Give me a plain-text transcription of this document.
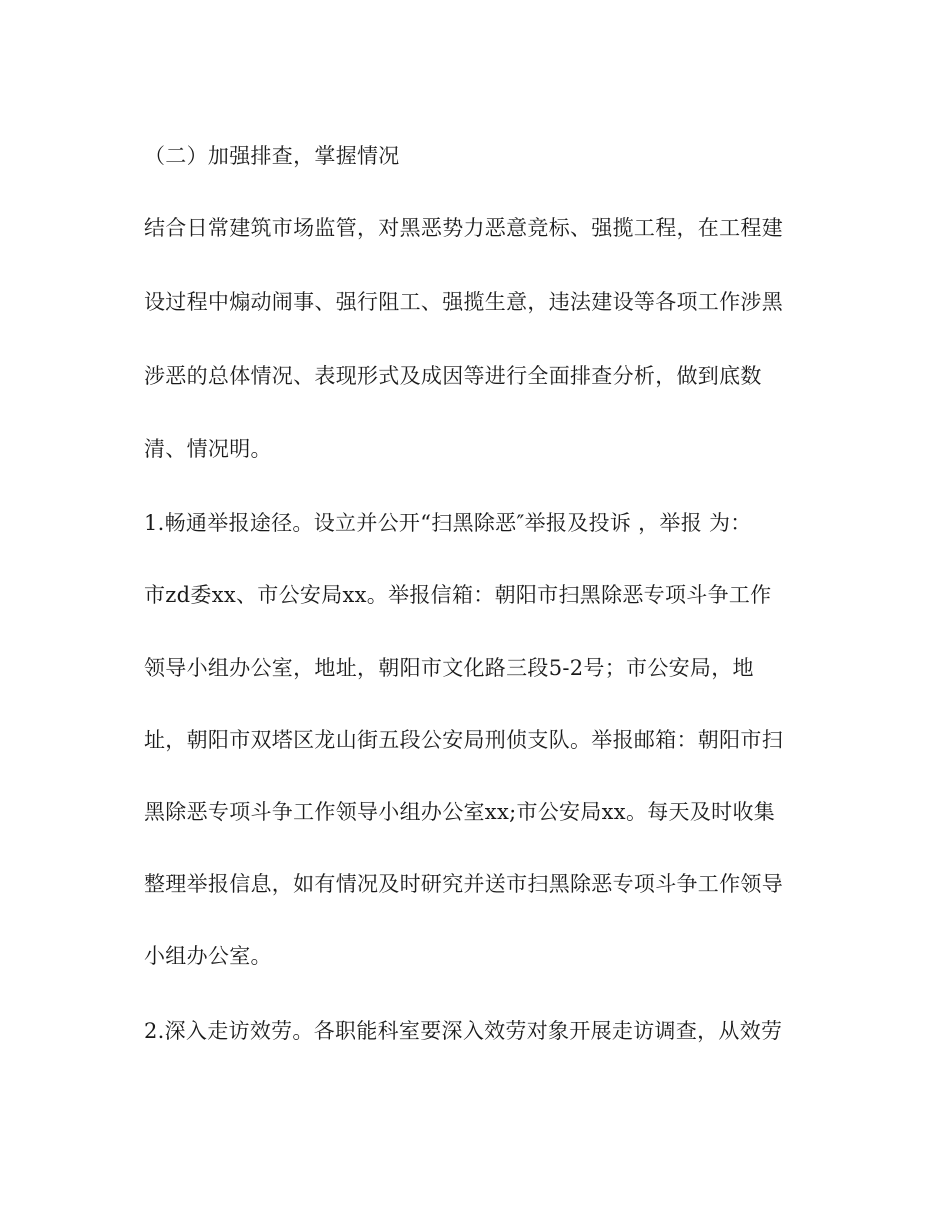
（二）加强排查，掌握情况
结合日常建筑市场监管，对黑恶势力恶意竞标、强揽工程，在工程建
设过程中煽动闹事、强行阻工、强揽生意，违法建设等各项工作涉黑
涉恶的总体情况、表现形式及成因等进行全面排查分析，做到底数
清、情况明。
1.畅通举报途径。设立并公开“扫黑除恶″举报及投诉 ，举报 为：
市zd委xx、市公安局xx。举报信箱：朝阳市扫黑除恶专项斗争工作
领导小组办公室，地址，朝阳市文化路三段5-2号；市公安局，地
址，朝阳市双塔区龙山街五段公安局刑侦支队。举报邮箱：朝阳市扫
黑除恶专项斗争工作领导小组办公室xx;市公安局xx。每天及时收集
整理举报信息，如有情况及时研究并送市扫黑除恶专项斗争工作领导
小组办公室。
2.深入走访效劳。各职能科室要深入效劳对象开展走访调查，从效劳
